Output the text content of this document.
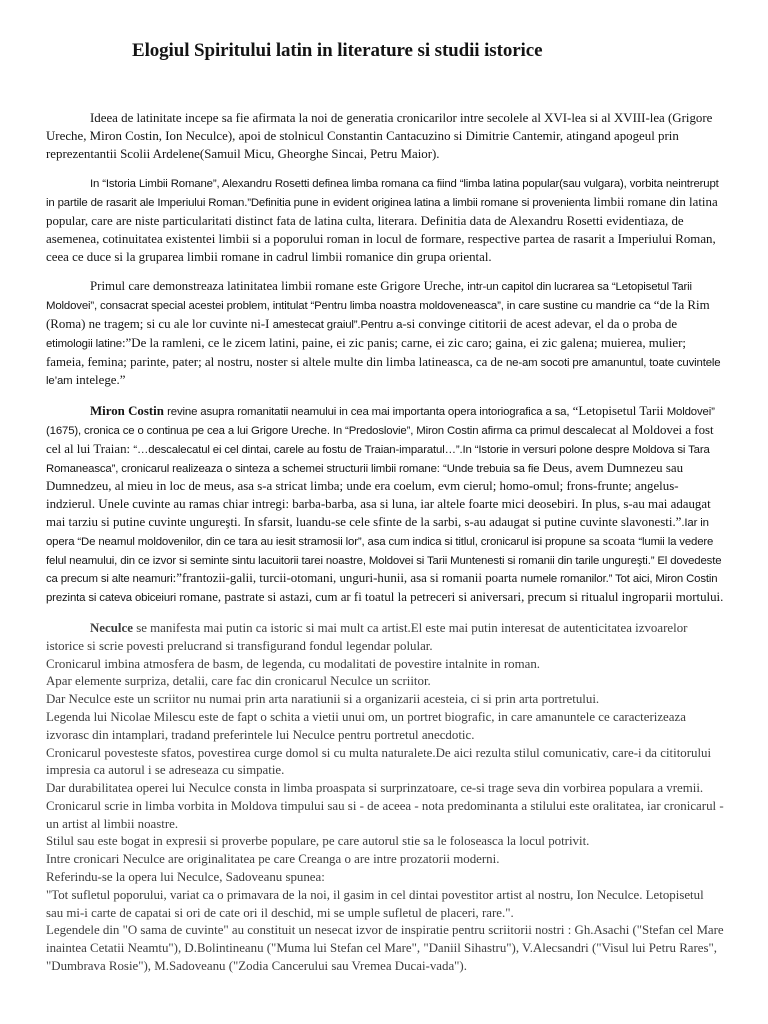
Elogiul Spiritului latin in literature si studii istorice

Ideea de latinitate incepe sa fie afirmata la noi de generatia cronicarilor intre secolele al XVI-lea si al XVIII-lea (Grigore Ureche, Miron Costin, Ion Neculce), apoi de stolnicul Constantin Cantacuzino si Dimitrie Cantemir, atingand apogeul prin reprezentantii Scolii Ardelene(Samuil Micu, Gheorghe Sincai, Petru Maior).

In “Istoria Limbii Romane”, Alexandru Rosetti defineа limba romana ca fiind “limba latina popular(sau vulgara), vorbita neintrerupt in partile de rasarit ale Imperiului Roman.”Definitia pune in evident originea latina a limbii romane si provenienta limbii romane din latina popular, care are niste particularitati distinct fata de latina culta, literara. Definitia data de Alexandru Rosetti evidentiaza, de asemenea, cotinuitatea existentei limbii si a poporului roman in locul de formare, respective partea de rasarit a Imperiului Roman, ceea ce duce si la gruparea limbii romane in cadrul limbii romanice din grupa oriental.

Primul care demonstreaza latinitatea limbii romane este Grigore Ureche, intr-un capitol din lucrarea sa “Letopisetul Tarii Moldovei”, consacrat special acestei problem, intitulat “Pentru limba noastra moldoveneasca”, in care sustine cu mandrie ca “de la Rim (Roma) ne tragem; si cu ale lor cuvinte ni-I amestecat graiul”.Pentru a-si convinge cititorii de acest adevar, el da o proba de etimologii latine:”De la ramleni, ce le zicem latini, paine, ei zic panis; carne, ei zic caro; gaina, ei zic galena; muierea, mulier; fameia, femina; parinte, pater; al nostru, noster si altele multe din limba latineasca, ca de ne-am socoti pre amanuntul, toate cuvintele le’am intelege.”

Miron Costin revine asupra romanitatii neamului in cea mai importanta opera intoriografica a sa, “Letopisetul Tarii Moldovei” (1675), cronica ce o continua pe cea a lui Grigore Ureche. In “Predoslovie”, Miron Costin afirma ca primul descalecat al Moldovei a fost cel al lui Traian: “…descalecatul ei cel dintai, carele au fostu de Traian-imparatul…”.In “Istorie in versuri polone despre Moldova si Tara Romaneasca”, cronicarul realizeaza o sinteza a schemei structurii limbii romane: “Unde trebuia sa fie Deus, avem Dumnezeu sau Dumnedzeu, al mieu in loc de meus, asa s-a stricat limba; unde era coelum, evm cierul; homo-omul; frons-frunte; angelus-indzierul. Unele cuvinte au ramas chiar intregi: barba-barba, asa si luna, iar altele foarte mici deosebiri. In plus, s-au mai adaugat mai tarziu si putine cuvinte ungureşti. In sfarsit, luandu-se cele sfinte de la sarbi, s-au adaugat si putine cuvinte slavonesti.”.Iar in opera “De neamul moldovenilor, din ce tara au iesit stramosii lor”, asa cum indica si titlul, cronicarul isi propune sa scoata “lumii la vedere felul neamului, din ce izvor si seminte sintu lacuitorii tarei noastre, Moldovei si Tarii Muntenesti si romanii din tarile ungureşti.” El dovedeste ca precum si alte neamuri:”frantozii-galii, turcii-otomani, unguri-hunii, asa si romanii poarta numele romanilor.” Tot aici, Miron Costin prezinta si cateva obiceiuri romane, pastrate si astazi, cum ar fi toatul la petreceri si aniversari, precum si ritualul ingroparii mortului.

Neculce se manifesta mai putin ca istoric si mai mult ca artist.El este mai putin interesat de autenticitatea izvoarelor istorice si scrie povesti prelucrand si transfigurand fondul legendar polular.
Cronicarul imbina atmosfera de basm, de legenda, cu modalitati de povestire intalnite in roman.
Apar elemente surpriza, detalii, care fac din cronicarul Neculce un scriitor.
Dar Neculce este un scriitor nu numai prin arta naratiunii si a organizarii acesteia, ci si prin arta portretului.
Legenda lui Nicolae Milescu este de fapt o schita a vietii unui om, un portret biografic, in care amanuntele ce caracterizeaza izvorasc din intamplari, tradand preferintele lui Neculce pentru portretul anecdotic.
Cronicarul povesteste sfatos, povestirea curge domol si cu multa naturalete.De aici rezulta stilul comunicativ, care-i da cititorului impresia ca autorul i se adreseaza cu simpatie.
Dar durabilitatea operei lui Neculce consta in limba proaspata si surprinzatoare, ce-si trage seva din vorbirea populara a vremii.
Cronicarul scrie in limba vorbita in Moldova timpului sau si - de aceea - nota predominanta a stilului este oralitatea, iar cronicarul - un artist al limbii noastre.
Stilul sau este bogat in expresii si proverbe populare, pe care autorul stie sa le foloseasca la locul potrivit.
Intre cronicari Neculce are originalitatea pe care Creanga o are intre prozatorii moderni.
Referindu-se la opera lui Neculce, Sadoveanu spunea:
"Tot sufletul poporului, variat ca o primavara de la noi, il gasim in cel dintai povestitor artist al nostru, Ion Neculce. Letopisetul sau mi-i carte de capatai si ori de cate ori il deschid, mi se umple sufletul de placeri, rare.".
Legendele din "O sama de cuvinte" au constituit un nesecat izvor de inspiratie pentru scriitorii nostri : Gh.Asachi ("Stefan cel Mare inaintea Cetatii Neamtu"), D.Bolintineanu ("Muma lui Stefan cel Mare", "Daniil Sihastru"), V.Alecsandri ("Visul lui Petru Rares", "Dumbrava Rosie"), M.Sadoveanu ("Zodia Cancerului sau Vremea Ducai-vada").
